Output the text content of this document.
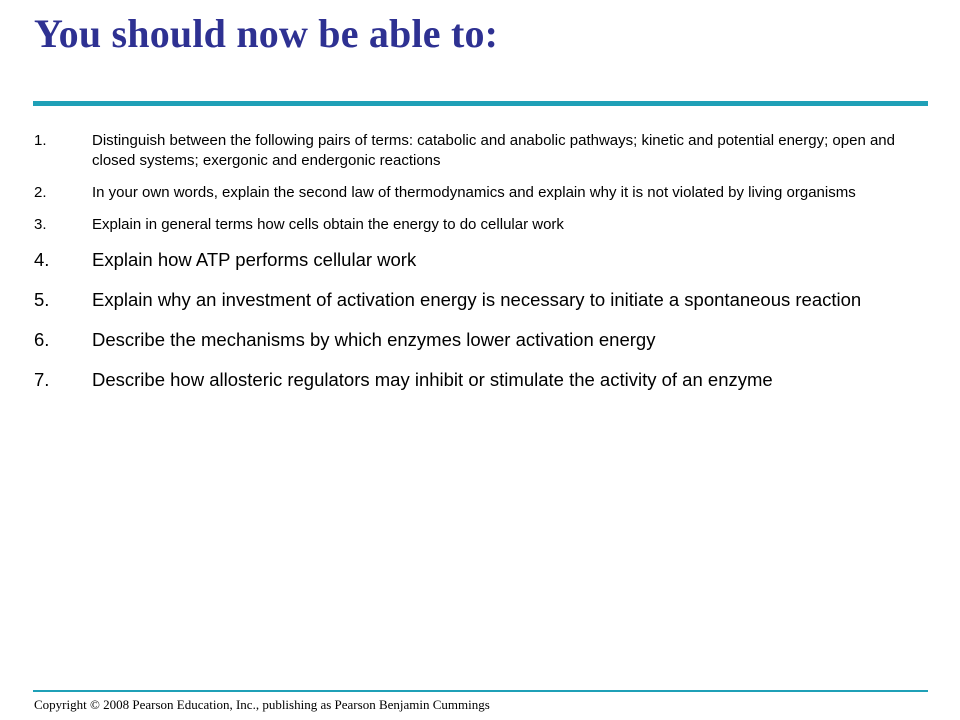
You should now be able to:
1.	Distinguish between the following pairs of terms: catabolic and anabolic pathways; kinetic and potential energy; open and closed systems; exergonic and endergonic reactions
2.	In your own words, explain the second law of thermodynamics and explain why it is not violated by living organisms
3.	Explain in general terms how cells obtain the energy to do cellular work
4.	Explain how ATP performs cellular work
5.	Explain why an investment of activation energy is necessary to initiate a spontaneous reaction
6.	Describe the mechanisms by which enzymes lower activation energy
7.	Describe how allosteric regulators may inhibit or stimulate the activity of an enzyme
Copyright © 2008 Pearson Education, Inc., publishing as Pearson Benjamin Cummings
